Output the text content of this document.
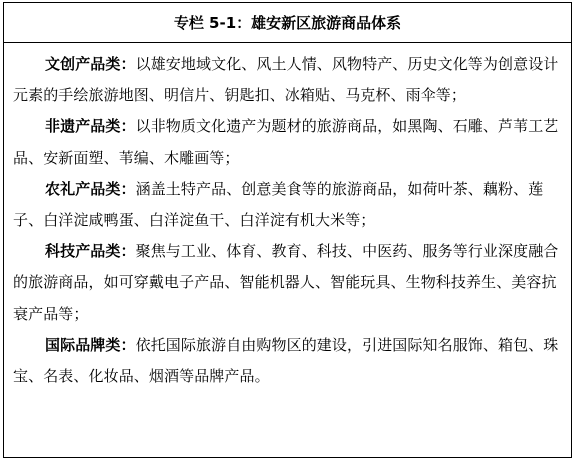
专栏 5-1：雄安新区旅游商品体系

文创产品类：以雄安地域文化、风土人情、风物特产、历史文化等为创意设计元素的手绘旅游地图、明信片、钥匙扣、冰箱贴、马克杯、雨伞等；

非遗产品类：以非物质文化遗产为题材的旅游商品，如黑陶、石雕、芦苇工艺品、安新面塑、苇编、木雕画等；

农礼产品类：涵盖土特产品、创意美食等的旅游商品，如荷叶茶、藕粉、莲子、白洋淀咸鸭蛋、白洋淀鱼干、白洋淀有机大米等；

科技产品类：聚焦与工业、体育、教育、科技、中医药、服务等行业深度融合的旅游商品，如可穿戴电子产品、智能机器人、智能玩具、生物科技养生、美容抗衰产品等；

国际品牌类：依托国际旅游自由购物区的建设，引进国际知名服饰、箱包、珠宝、名表、化妆品、烟酒等品牌产品。
